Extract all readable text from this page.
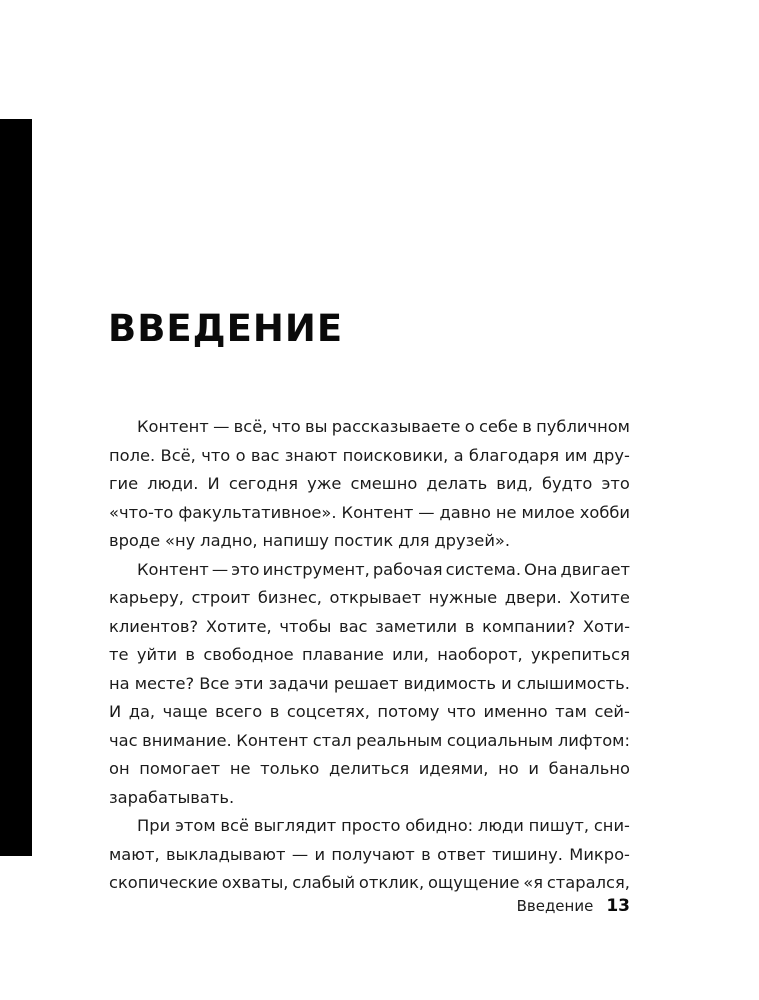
ВВЕДЕНИЕ
Контент — всё, что вы рассказываете о себе в публичном
поле. Всё, что о вас знают поисковики, а благодаря им дру-
гие люди. И сегодня уже смешно делать вид, будто это
«что-то факультативное». Контент — давно не милое хобби
вроде «ну ладно, напишу постик для друзей».
Контент — это инструмент, рабочая система. Она двигает
карьеру, строит бизнес, открывает нужные двери. Хотите
клиентов? Хотите, чтобы вас заметили в компании? Хоти-
те уйти в свободное плавание или, наоборот, укрепиться
на месте? Все эти задачи решает видимость и слышимость.
И да, чаще всего в соцсетях, потому что именно там сей-
час внимание. Контент стал реальным социальным лифтом:
он помогает не только делиться идеями, но и банально
зарабатывать.
При этом всё выглядит просто обидно: люди пишут, сни-
мают, выкладывают — и получают в ответ тишину. Микро-
скопические охваты, слабый отклик, ощущение «я старался,
Введение 13
